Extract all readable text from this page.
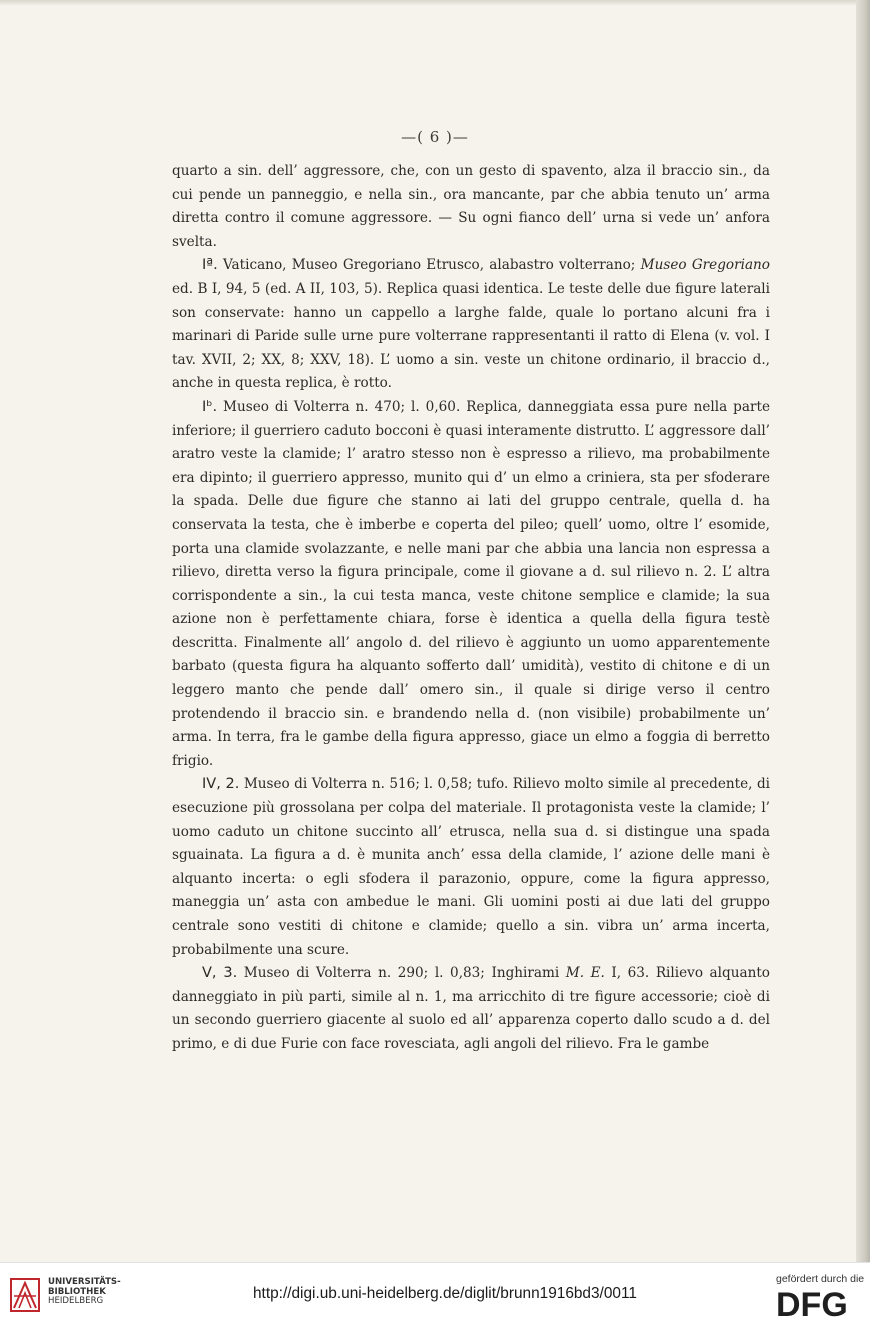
—( 6 )—

quarto a sin. dell’ aggressore, che, con un gesto di spavento, alza il braccio sin., da cui pende un panneggio, e nella sin., ora mancante, par che abbia tenuto un’ arma diretta contro il comune aggressore. — Su ogni fianco dell’ urna si vede un’ anfora svelta.

Iª. Vaticano, Museo Gregoriano Etrusco, alabastro volterrano; Museo Gregoriano ed. B I, 94, 5 (ed. A II, 103, 5). Replica quasi identica. Le teste delle due figure laterali son conservate: hanno un cappello a larghe falde, quale lo portano alcuni fra i marinari di Paride sulle urne pure volterrane rappresentanti il ratto di Elena (v. vol. I tav. XVII, 2; XX, 8; XXV, 18). L’ uomo a sin. veste un chitone ordinario, il braccio d., anche in questa replica, è rotto.

Iᵇ. Museo di Volterra n. 470; l. 0,60. Replica, danneggiata essa pure nella parte inferiore; il guerriero caduto bocconi è quasi interamente distrutto. L’ aggressore dall’ aratro veste la clamide; l’ aratro stesso non è espresso a rilievo, ma probabilmente era dipinto; il guerriero appresso, munito qui d’ un elmo a criniera, sta per sfoderare la spada. Delle due figure che stanno ai lati del gruppo centrale, quella d. ha conservata la testa, che è imberbe e coperta del pileo; quell’ uomo, oltre l’ esomide, porta una clamide svolazzante, e nelle mani par che abbia una lancia non espressa a rilievo, diretta verso la figura principale, come il giovane a d. sul rilievo n. 2. L’ altra corrispondente a sin., la cui testa manca, veste chitone semplice e clamide; la sua azione non è perfettamente chiara, forse è identica a quella della figura testè descritta. Finalmente all’ angolo d. del rilievo è aggiunto un uomo apparentemente barbato (questa figura ha alquanto sofferto dall’ umidità), vestito di chitone e di un leggero manto che pende dall’ omero sin., il quale si dirige verso il centro protendendo il braccio sin. e brandendo nella d. (non visibile) probabilmente un’ arma. In terra, fra le gambe della figura appresso, giace un elmo a foggia di berretto frigio.

IV, 2. Museo di Volterra n. 516; l. 0,58; tufo. Rilievo molto simile al precedente, di esecuzione più grossolana per colpa del materiale. Il protagonista veste la clamide; l’ uomo caduto un chitone succinto all’ etrusca, nella sua d. si distingue una spada sguainata. La figura a d. è munita anch’ essa della clamide, l’ azione delle mani è alquanto incerta: o egli sfodera il parazonio, oppure, come la figura appresso, maneggia un’ asta con ambedue le mani. Gli uomini posti ai due lati del gruppo centrale sono vestiti di chitone e clamide; quello a sin. vibra un’ arma incerta, probabilmente una scure.

V, 3. Museo di Volterra n. 290; l. 0,83; Inghirami M. E. I, 63. Rilievo alquanto danneggiato in più parti, simile al n. 1, ma arricchito di tre figure accessorie; cioè di un secondo guerriero giacente al suolo ed all’ apparenza coperto dallo scudo a d. del primo, e di due Furie con face rovesciata, agli angoli del rilievo. Fra le gambe

UNIVERSITÄTS-
BIBLIOTHEK
HEIDELBERG	http://digi.ub.uni-heidelberg.de/diglit/brunn1916bd3/0011
gefördert durch die
DFG
